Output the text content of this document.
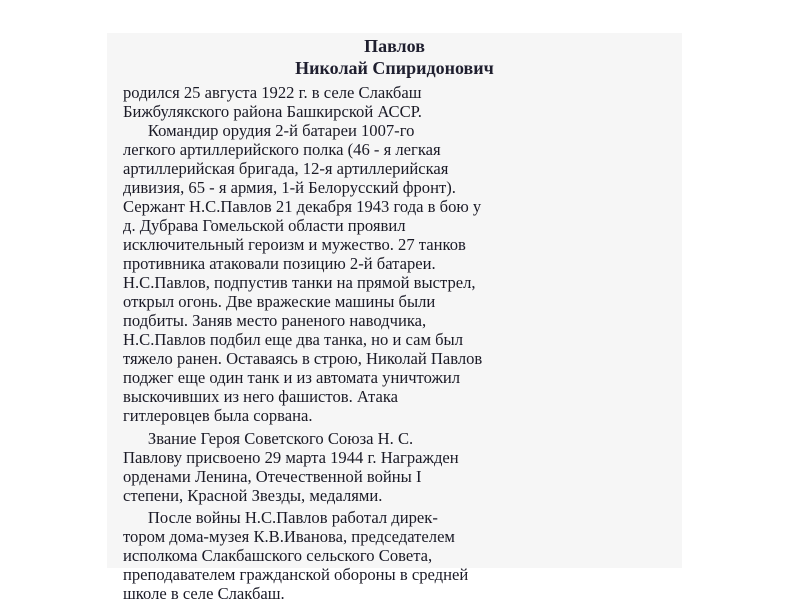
Павлов
Николай Спиридонович

родился 25 августа 1922 г. в селе Слакбаш

Бижбулякского района Башкирской АССР.

Командир орудия 2-й батареи 1007-го

легкого артиллерийского полка (46 - я легкая

артиллерийская бригада, 12-я артиллерийская

дивизия, 65 - я армия, 1-й Белорусский фронт).

Сержант Н.С.Павлов 21 декабря 1943 года в бою у

д. Дубрава Гомельской области проявил

исключительный героизм и мужество. 27 танков

противника атаковали позицию 2-й батареи.

Н.С.Павлов, подпустив танки на прямой выстрел,

открыл огонь. Две вражеские машины были

подбиты. Заняв место раненого наводчика,

Н.С.Павлов подбил еще два танка, но и сам был

тяжело ранен. Оставаясь в строю, Николай Павлов

поджег еще один танк и из автомата уничтожил

выскочивших из него фашистов. Атака

гитлеровцев была сорвана.

Звание Героя Советского Союза Н. С.

Павлову присвоено 29 марта 1944 г. Награжден

орденами Ленина, Отечественной войны I

степени, Красной Звезды, медалями.

После войны Н.С.Павлов работал дирек-

тором дома-музея К.В.Иванова, председателем

исполкома Слакбашского сельского Совета,

преподавателем гражданской обороны в средней

школе в селе Слакбаш.
